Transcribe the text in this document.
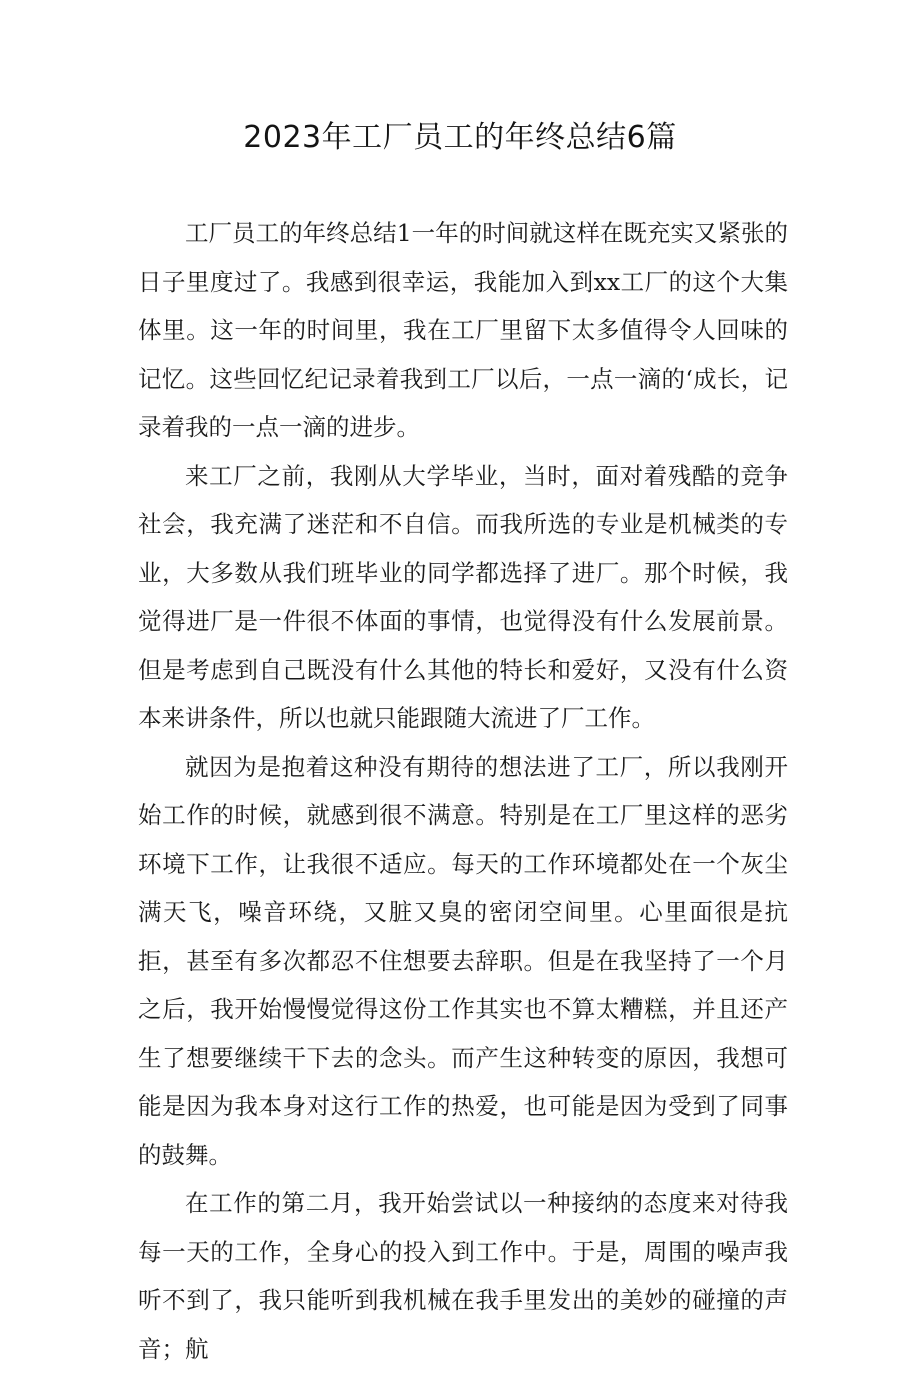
2023年工厂员工的年终总结6篇

工厂员工的年终总结1一年的时间就这样在既充实又紧张的日子里度过了。我感到很幸运，我能加入到xx工厂的这个大集体里。这一年的时间里，我在工厂里留下太多值得令人回味的记忆。这些回忆纪记录着我到工厂以后，一点一滴的‘成长，记录着我的一点一滴的进步。

来工厂之前，我刚从大学毕业，当时，面对着残酷的竞争社会，我充满了迷茫和不自信。而我所选的专业是机械类的专业，大多数从我们班毕业的同学都选择了进厂。那个时候，我觉得进厂是一件很不体面的事情，也觉得没有什么发展前景。但是考虑到自己既没有什么其他的特长和爱好，又没有什么资本来讲条件，所以也就只能跟随大流进了厂工作。

就因为是抱着这种没有期待的想法进了工厂，所以我刚开始工作的时候，就感到很不满意。特别是在工厂里这样的恶劣环境下工作，让我很不适应。每天的工作环境都处在一个灰尘满天飞，噪音环绕，又脏又臭的密闭空间里。心里面很是抗拒，甚至有多次都忍不住想要去辞职。但是在我坚持了一个月之后，我开始慢慢觉得这份工作其实也不算太糟糕，并且还产生了想要继续干下去的念头。而产生这种转变的原因，我想可能是因为我本身对这行工作的热爱，也可能是因为受到了同事的鼓舞。

在工作的第二月，我开始尝试以一种接纳的态度来对待我每一天的工作，全身心的投入到工作中。于是，周围的噪声我听不到了，我只能听到我机械在我手里发出的美妙的碰撞的声音；航
